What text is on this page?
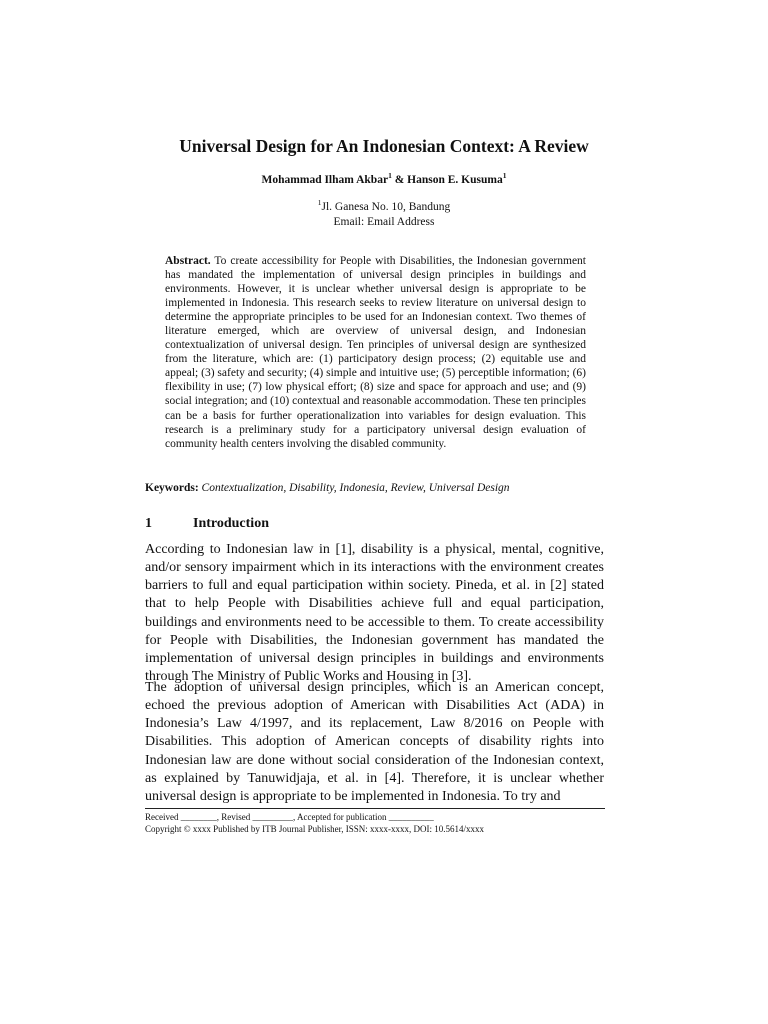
Universal Design for An Indonesian Context: A Review
Mohammad Ilham Akbar$^1$ & Hanson E. Kusuma$^1$
$^1$Jl. Ganesa No. 10, Bandung
Email: Email Address

Abstract. To create accessibility for People with Disabilities, the Indonesian government has mandated the implementation of universal design principles in buildings and environments. However, it is unclear whether universal design is appropriate to be implemented in Indonesia. This research seeks to review literature on universal design to determine the appropriate principles to be used for an Indonesian context. Two themes of literature emerged, which are overview of universal design, and Indonesian contextualization of universal design. Ten principles of universal design are synthesized from the literature, which are: (1) participatory design process; (2) equitable use and appeal; (3) safety and security; (4) simple and intuitive use; (5) perceptible information; (6) flexibility in use; (7) low physical effort; (8) size and space for approach and use; and (9) social integration; and (10) contextual and reasonable accommodation. These ten principles can be a basis for further operationalization into variables for design evaluation. This research is a preliminary study for a participatory universal design evaluation of community health centers involving the disabled community.

Keywords: Contextualization, Disability, Indonesia, Review, Universal Design

1	Introduction

According to Indonesian law in [1], disability is a physical, mental, cognitive, and/or sensory impairment which in its interactions with the environment creates barriers to full and equal participation within society. Pineda, et al. in [2] stated that to help People with Disabilities achieve full and equal participation, buildings and environments need to be accessible to them. To create accessibility for People with Disabilities, the Indonesian government has mandated the implementation of universal design principles in buildings and environments through The Ministry of Public Works and Housing in [3].

The adoption of universal design principles, which is an American concept, echoed the previous adoption of American with Disabilities Act (ADA) in Indonesia’s Law 4/1997, and its replacement, Law 8/2016 on People with Disabilities. This adoption of American concepts of disability rights into Indonesian law are done without social consideration of the Indonesian context, as explained by Tanuwidjaja, et al. in [4]. Therefore, it is unclear whether universal design is appropriate to be implemented in Indonesia. To try and

Received ________, Revised _________, Accepted for publication __________
Copyright © xxxx Published by ITB Journal Publisher, ISSN: xxxx-xxxx, DOI: 10.5614/xxxx
